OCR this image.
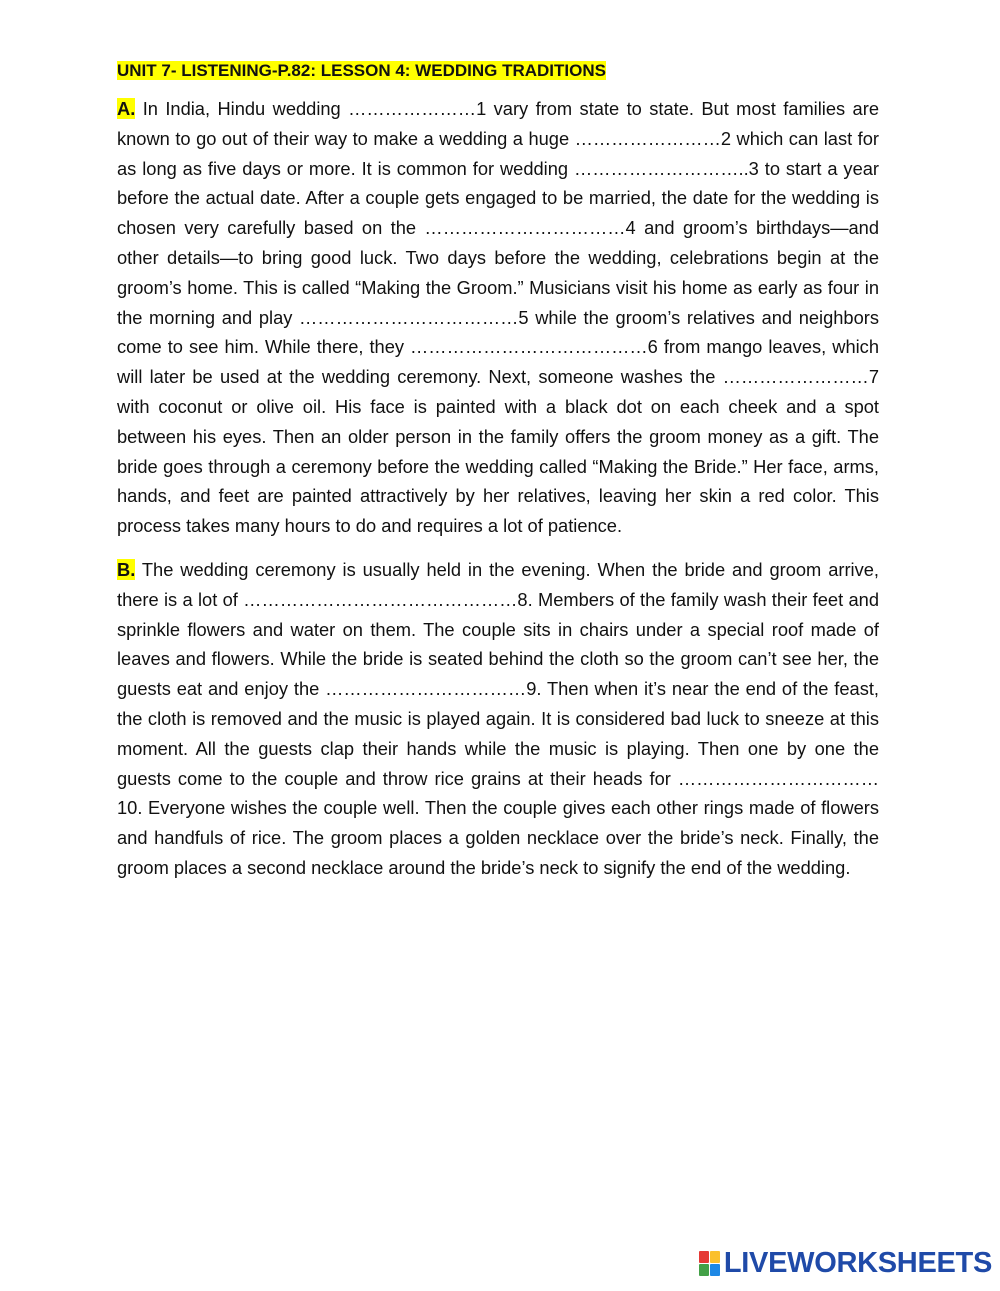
UNIT 7- LISTENING-P.82: LESSON 4: WEDDING TRADITIONS

A. In India, Hindu wedding …………………1 vary from state to state. But most families are known to go out of their way to make a wedding a huge ……………………2 which can last for as long as five days or more. It is common for wedding ………………………..3 to start a year before the actual date. After a couple gets engaged to be married, the date for the wedding is chosen very carefully based on the ……………………………4 and groom’s birthdays—and other details—to bring good luck. Two days before the wedding, celebrations begin at the groom’s home. This is called “Making the Groom.” Musicians visit his home as early as four in the morning and play ………………………………5 while the groom’s relatives and neighbors come to see him. While there, they …………………………………6 from mango leaves, which will later be used at the wedding ceremony. Next, someone washes the ……………………7 with coconut or olive oil. His face is painted with a black dot on each cheek and a spot between his eyes. Then an older person in the family offers the groom money as a gift. The bride goes through a ceremony before the wedding called “Making the Bride.” Her face, arms, hands, and feet are painted attractively by her relatives, leaving her skin a red color. This process takes many hours to do and requires a lot of patience.

B. The wedding ceremony is usually held in the evening. When the bride and groom arrive, there is a lot of ………………………………………8. Members of the family wash their feet and sprinkle flowers and water on them. The couple sits in chairs under a special roof made of leaves and flowers. While the bride is seated behind the cloth so the groom can’t see her, the guests eat and enjoy the ……………………………9. Then when it’s near the end of the feast, the cloth is removed and the music is played again. It is considered bad luck to sneeze at this moment. All the guests clap their hands while the music is playing. Then one by one the guests come to the couple and throw rice grains at their heads for ……………………………10. Everyone wishes the couple well. Then the couple gives each other rings made of flowers and handfuls of rice. The groom places a golden necklace over the bride’s neck. Finally, the groom places a second necklace around the bride’s neck to signify the end of the wedding.

LIVEWORKSHEETS
